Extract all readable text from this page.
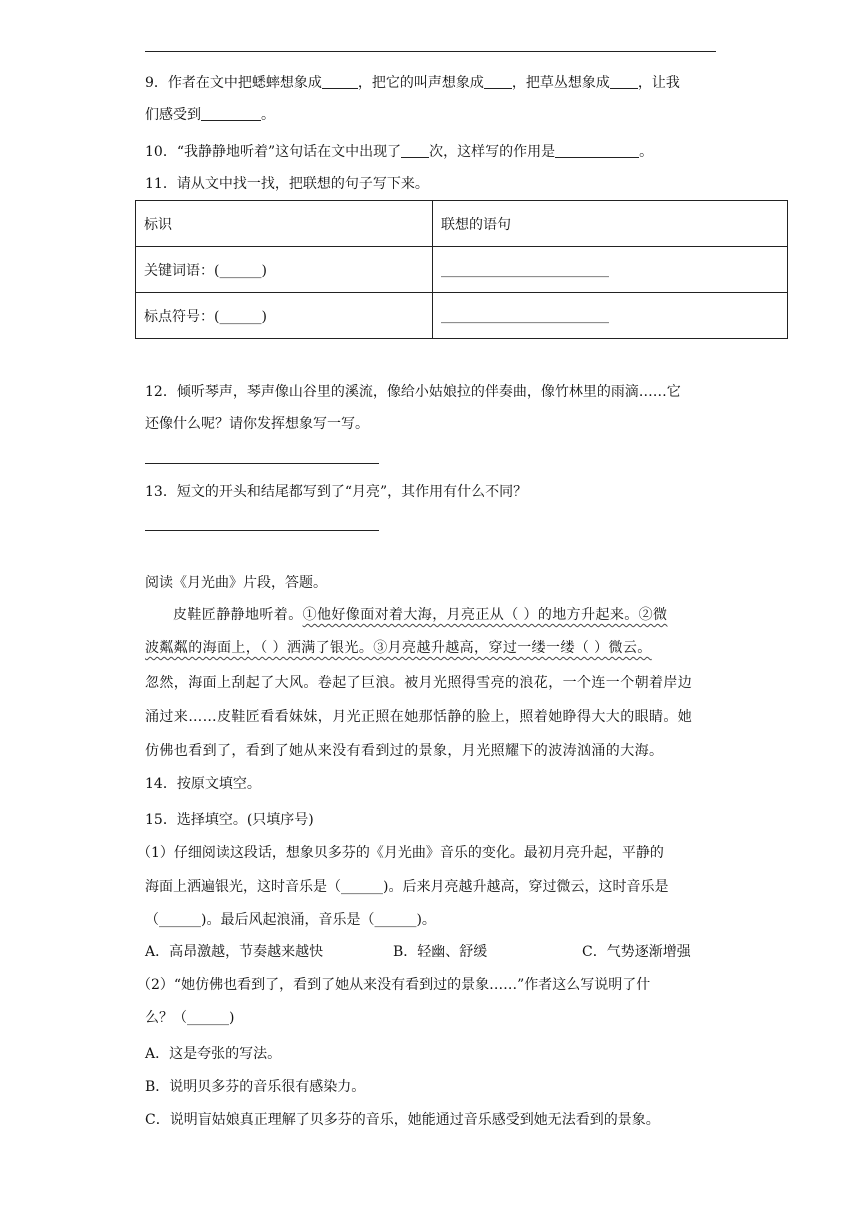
9．作者在文中把蟋蟀想象成	，把它的叫声想象成 ，把草丛想象成 ，让我
们感受到	。
10．“我静静地听着”这句话在文中出现了 次，这样写的作用是	。
11．请从文中找一找，把联想的句子写下来。
标识	联想的语句
关键词语：(______)	________________________
标点符号：(______)	________________________
12．倾听琴声，琴声像山谷里的溪流，像给小姑娘拉的伴奏曲，像竹林里的雨滴……它
还像什么呢？请你发挥想象写一写。
13．短文的开头和结尾都写到了“月亮”，其作用有什么不同？
阅读《月光曲》片段，答题。
皮鞋匠静静地听着。①他好像面对着大海，月亮正从（ ）的地方升起来。②微
波粼粼的海面上，（ ）洒满了银光。③月亮越升越高，穿过一缕一缕（ ）微云。
忽然，海面上刮起了大风。卷起了巨浪。被月光照得雪亮的浪花，一个连一个朝着岸边
涌过来……皮鞋匠看看妹妹，月光正照在她那恬静的脸上，照着她睁得大大的眼睛。她
仿佛也看到了，看到了她从来没有看到过的景象，月光照耀下的波涛汹涌的大海。
14．按原文填空。
15．选择填空。(只填序号)
（1）仔细阅读这段话，想象贝多芬的《月光曲》音乐的变化。最初月亮升起，平静的
海面上洒遍银光，这时音乐是（______)。后来月亮越升越高，穿过微云，这时音乐是
（______)。最后风起浪涌，音乐是（______)。
A．高昂激越，节奏越来越快	B．轻幽、舒缓	C．气势逐渐增强
（2）“她仿佛也看到了，看到了她从来没有看到过的景象……”作者这么写说明了什
么？（______)
A．这是夸张的写法。
B．说明贝多芬的音乐很有感染力。
C．说明盲姑娘真正理解了贝多芬的音乐，她能通过音乐感受到她无法看到的景象。
